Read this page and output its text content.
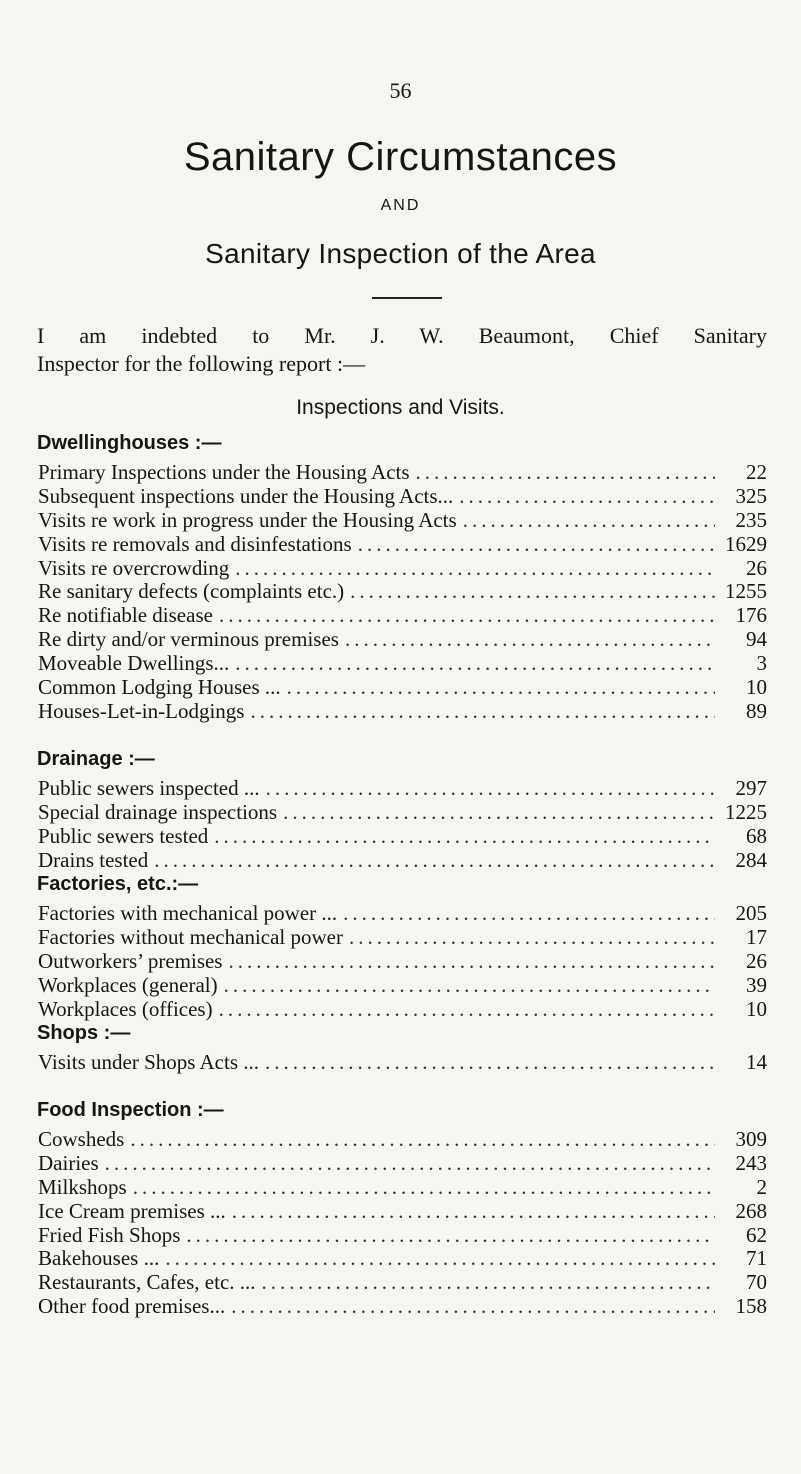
56
Sanitary Circumstances
AND
Sanitary Inspection of the Area
I am indebted to Mr. J. W. Beaumont, Chief Sanitary
Inspector for the following report :—
Inspections and Visits.
Dwellinghouses :—
Primary Inspections under the Housing Acts .....	22
Subsequent inspections under the Housing Acts... .....	325
Visits re work in progress under the Housing Acts .....	235
Visits re removals and disinfestations .....	1629
Visits re overcrowding .....	26
Re sanitary defects (complaints etc.) .....	1255
Re notifiable disease .....	176
Re dirty and/or verminous premises .....	94
Moveable Dwellings... .....	3
Common Lodging Houses ... .....	10
Houses-Let-in-Lodgings .....	89
Drainage :—
Public sewers inspected ... .....	297
Special drainage inspections .....	1225
Public sewers tested .....	68
Drains tested .....	284
Factories, etc.:—
Factories with mechanical power ... .....	205
Factories without mechanical power .....	17
Outworkers’ premises .....	26
Workplaces (general) .....	39
Workplaces (offices) .....	10
Shops :—
Visits under Shops Acts ... .....	14
Food Inspection :—
Cowsheds .....	309
Dairies .....	243
Milkshops .....	2
Ice Cream premises ... .....	268
Fried Fish Shops .....	62
Bakehouses ... .....	71
Restaurants, Cafes, etc. ... .....	70
Other food premises... .....	158
